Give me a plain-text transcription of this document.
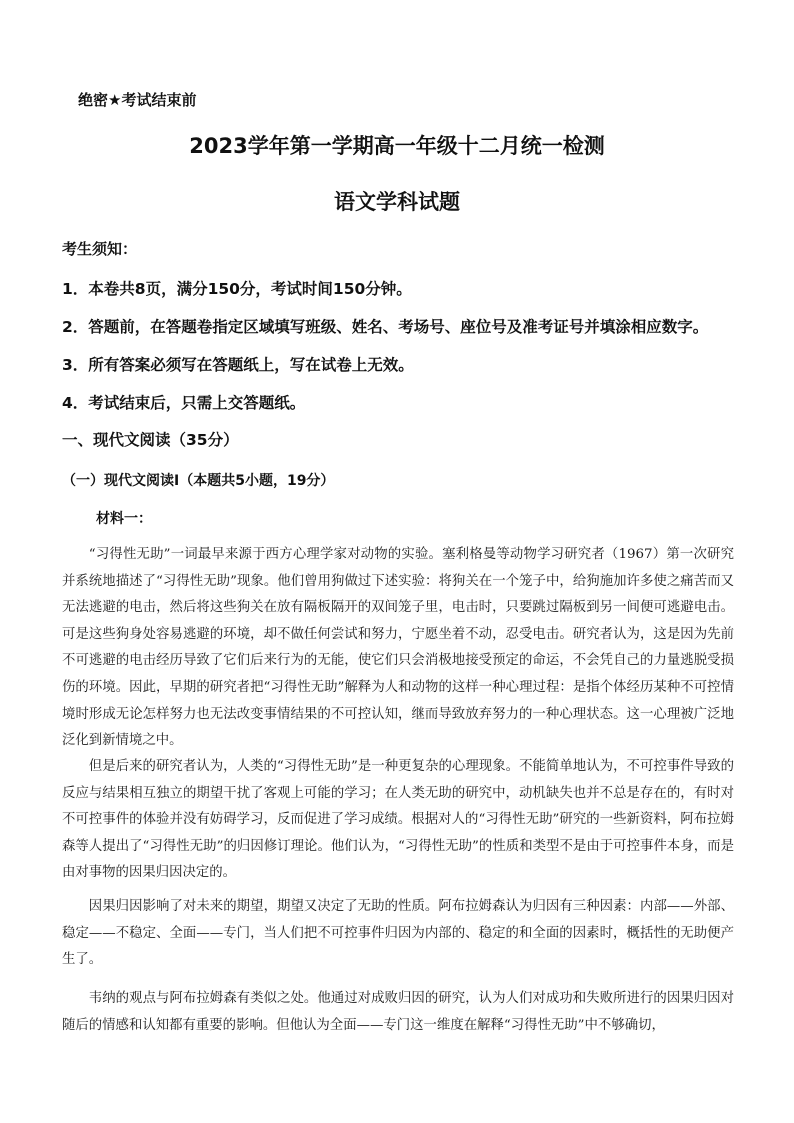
绝密★考试结束前
2023学年第一学期高一年级十二月统一检测
语文学科试题
考生须知：
1．本卷共8页，满分150分，考试时间150分钟。
2．答题前，在答题卷指定区域填写班级、姓名、考场号、座位号及准考证号并填涂相应数字。
3．所有答案必须写在答题纸上，写在试卷上无效。
4．考试结束后，只需上交答题纸。
一、现代文阅读（35分）
（一）现代文阅读Ⅰ（本题共5小题，19分）
材料一：
“习得性无助”一词最早来源于西方心理学家对动物的实验。塞利格曼等动物学习研究者（1967）第一次研究并系统地描述了“习得性无助”现象。他们曾用狗做过下述实验：将狗关在一个笼子中，给狗施加许多使之痛苦而又无法逃避的电击，然后将这些狗关在放有隔板隔开的双间笼子里，电击时，只要跳过隔板到另一间便可逃避电击。可是这些狗身处容易逃避的环境，却不做任何尝试和努力，宁愿坐着不动，忍受电击。研究者认为，这是因为先前不可逃避的电击经历导致了它们后来行为的无能，使它们只会消极地接受预定的命运，不会凭自己的力量逃脱受损伤的环境。因此，早期的研究者把“习得性无助”解释为人和动物的这样一种心理过程：是指个体经历某种不可控情境时形成无论怎样努力也无法改变事情结果的不可控认知，继而导致放弃努力的一种心理状态。这一心理被广泛地泛化到新情境之中。
但是后来的研究者认为，人类的“习得性无助”是一种更复杂的心理现象。不能简单地认为，不可控事件导致的反应与结果相互独立的期望干扰了客观上可能的学习；在人类无助的研究中，动机缺失也并不总是存在的，有时对不可控事件的体验并没有妨碍学习，反而促进了学习成绩。根据对人的“习得性无助”研究的一些新资料，阿布拉姆森等人提出了“习得性无助”的归因修订理论。他们认为，“习得性无助”的性质和类型不是由于可控事件本身，而是由对事物的因果归因决定的。
因果归因影响了对未来的期望，期望又决定了无助的性质。阿布拉姆森认为归因有三种因素：内部——外部、稳定——不稳定、全面——专门，当人们把不可控事件归因为内部的、稳定的和全面的因素时，概括性的无助便产生了。
韦纳的观点与阿布拉姆森有类似之处。他通过对成败归因的研究，认为人们对成功和失败所进行的因果归因对随后的情感和认知都有重要的影响。但他认为全面——专门这一维度在解释“习得性无助”中不够确切，
